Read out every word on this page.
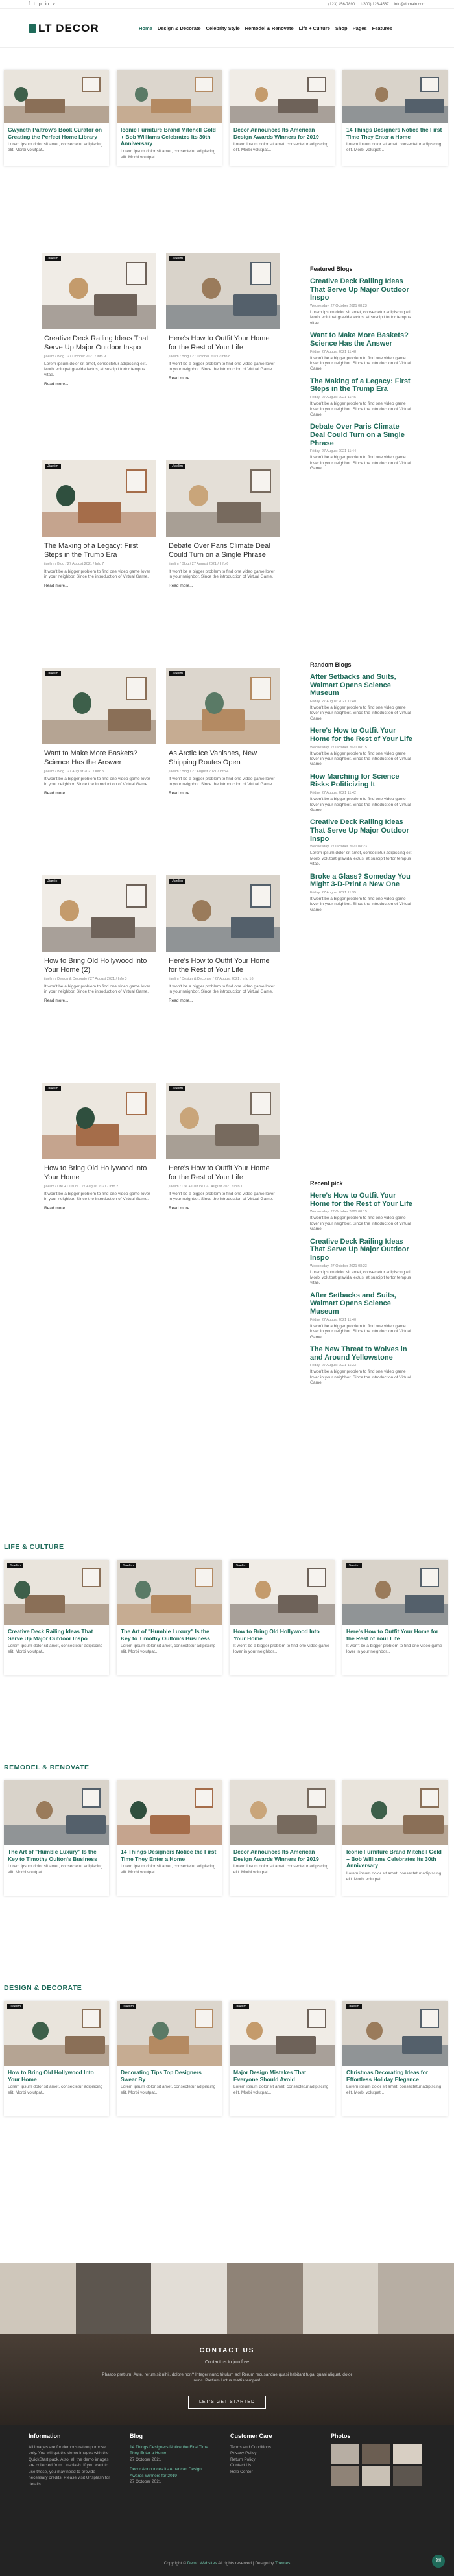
f t p in v	(123) 456-7890 1(800) 123-4567 info@domain.com
LT DECOR	Home Design & Decorate Celebrity Style Remodel & Renovate Life + Culture Shop Pages Features
Gwyneth Paltrow's Book Curator on Creating the Perfect Home Library
Lorem ipsum dolor sit amet, consectetur adipiscing elit. Morbi volutpat...
Iconic Furniture Brand Mitchell Gold + Bob Williams Celebrates Its 30th Anniversary
Lorem ipsum dolor sit amet, consectetur adipiscing elit. Morbi volutpat...
Decor Announces Its American Design Awards Winners for 2019
Lorem ipsum dolor sit amet, consectetur adipiscing elit. Morbi volutpat...
14 Things Designers Notice the First Time They Enter a Home
Lorem ipsum dolor sit amet, consectetur adipiscing elit. Morbi volutpat...
Jiaelim
Creative Deck Railing Ideas That Serve Up Major Outdoor Inspo
jiaelim / Blog / 27 October 2021 / Info 9
Lorem ipsum dolor sit amet, consectetur adipiscing elit. Morbi volutpat gravida lectus, at suscipit tortor tempus vitae.
Read more...
Jiaelim
Here's How to Outfit Your Home for the Rest of Your Life
jiaelim / Blog / 27 October 2021 / Info 8
It won't be a bigger problem to find one video game lover in your neighbor. Since the introduction of Virtual Game.
Read more...
Jiaelim
The Making of a Legacy: First Steps in the Trump Era
jiaelim / Blog / 27 August 2021 / Info 7
It won't be a bigger problem to find one video game lover in your neighbor. Since the introduction of Virtual Game.
Read more...
Jiaelim
Debate Over Paris Climate Deal Could Turn on a Single Phrase
jiaelim / Blog / 27 August 2021 / Info 6
It won't be a bigger problem to find one video game lover in your neighbor. Since the introduction of Virtual Game.
Read more...
Jiaelim
Want to Make More Baskets? Science Has the Answer
jiaelim / Blog / 27 August 2021 / Info 5
It won't be a bigger problem to find one video game lover in your neighbor. Since the introduction of Virtual Game.
Read more...
Jiaelim
As Arctic Ice Vanishes, New Shipping Routes Open
jiaelim / Blog / 27 August 2021 / Info 4
It won't be a bigger problem to find one video game lover in your neighbor. Since the introduction of Virtual Game.
Read more...
Jiaelim
How to Bring Old Hollywood Into Your Home (2)
jiaelim / Design & Decorate / 27 August 2021 / Info 3
It won't be a bigger problem to find one video game lover in your neighbor. Since the introduction of Virtual Game.
Read more...
Jiaelim
Here's How to Outfit Your Home for the Rest of Your Life
jiaelim / Design & Decorate / 27 August 2021 / Info 16
It won't be a bigger problem to find one video game lover in your neighbor. Since the introduction of Virtual Game.
Read more...
Jiaelim
How to Bring Old Hollywood Into Your Home
jiaelim / Life + Culture / 27 August 2021 / Info 2
It won't be a bigger problem to find one video game lover in your neighbor. Since the introduction of Virtual Game.
Read more...
Jiaelim
Here's How to Outfit Your Home for the Rest of Your Life
jiaelim / Life + Culture / 27 August 2021 / Info 1
It won't be a bigger problem to find one video game lover in your neighbor. Since the introduction of Virtual Game.
Read more...
Featured Blogs
Creative Deck Railing Ideas That Serve Up Major Outdoor Inspo
Wednesday, 27 October 2021 08:23
Lorem ipsum dolor sit amet, consectetur adipiscing elit. Morbi volutpat gravida lectus, at suscipit tortor tempus vitae.
Want to Make More Baskets? Science Has the Answer
Friday, 27 August 2021 11:48
It won't be a bigger problem to find one video game lover in your neighbor. Since the introduction of Virtual Game.
The Making of a Legacy: First Steps in the Trump Era
Friday, 27 August 2021 11:45
It won't be a bigger problem to find one video game lover in your neighbor. Since the introduction of Virtual Game.
Debate Over Paris Climate Deal Could Turn on a Single Phrase
Friday, 27 August 2021 11:44
It won't be a bigger problem to find one video game lover in your neighbor. Since the introduction of Virtual Game.
Random Blogs
After Setbacks and Suits, Walmart Opens Science Museum
Friday, 27 August 2021 11:40
It won't be a bigger problem to find one video game lover in your neighbor. Since the introduction of Virtual Game.
Here's How to Outfit Your Home for the Rest of Your Life
Wednesday, 27 October 2021 08:15
It won't be a bigger problem to find one video game lover in your neighbor. Since the introduction of Virtual Game.
How Marching for Science Risks Politicizing It
Friday, 27 August 2021 11:42
It won't be a bigger problem to find one video game lover in your neighbor. Since the introduction of Virtual Game.
Creative Deck Railing Ideas That Serve Up Major Outdoor Inspo
Wednesday, 27 October 2021 08:23
Lorem ipsum dolor sit amet, consectetur adipiscing elit. Morbi volutpat gravida lectus, at suscipit tortor tempus vitae.
Broke a Glass? Someday You Might 3-D-Print a New One
Friday, 27 August 2021 11:35
It won't be a bigger problem to find one video game lover in your neighbor. Since the introduction of Virtual Game.
Recent pick
Here's How to Outfit Your Home for the Rest of Your Life
Wednesday, 27 October 2021 08:15
It won't be a bigger problem to find one video game lover in your neighbor. Since the introduction of Virtual Game.
Creative Deck Railing Ideas That Serve Up Major Outdoor Inspo
Wednesday, 27 October 2021 08:23
Lorem ipsum dolor sit amet, consectetur adipiscing elit. Morbi volutpat gravida lectus, at suscipit tortor tempus vitae.
After Setbacks and Suits, Walmart Opens Science Museum
Friday, 27 August 2021 11:40
It won't be a bigger problem to find one video game lover in your neighbor. Since the introduction of Virtual Game.
The New Threat to Wolves in and Around Yellowstone
Friday, 27 August 2021 11:33
It won't be a bigger problem to find one video game lover in your neighbor. Since the introduction of Virtual Game.
LIFE & CULTURE
Jiaelim
Creative Deck Railing Ideas That Serve Up Major Outdoor Inspo
Lorem ipsum dolor sit amet, consectetur adipiscing elit. Morbi volutpat...
Jiaelim
The Art of "Humble Luxury" Is the Key to Timothy Oulton's Business
Lorem ipsum dolor sit amet, consectetur adipiscing elit. Morbi volutpat...
Jiaelim
How to Bring Old Hollywood Into Your Home
It won't be a bigger problem to find one video game lover in your neighbor...
Jiaelim
Here's How to Outfit Your Home for the Rest of Your Life
It won't be a bigger problem to find one video game lover in your neighbor...
REMODEL & RENOVATE
The Art of "Humble Luxury" Is the Key to Timothy Oulton's Business
Lorem ipsum dolor sit amet, consectetur adipiscing elit. Morbi volutpat...
14 Things Designers Notice the First Time They Enter a Home
Lorem ipsum dolor sit amet, consectetur adipiscing elit. Morbi volutpat...
Decor Announces Its American Design Awards Winners for 2019
Lorem ipsum dolor sit amet, consectetur adipiscing elit. Morbi volutpat...
Iconic Furniture Brand Mitchell Gold + Bob Williams Celebrates Its 30th Anniversary
Lorem ipsum dolor sit amet, consectetur adipiscing elit. Morbi volutpat...
DESIGN & DECORATE
Jiaelim
How to Bring Old Hollywood Into Your Home
Lorem ipsum dolor sit amet, consectetur adipiscing elit. Morbi volutpat...
Jiaelim
Decorating Tips Top Designers Swear By
Lorem ipsum dolor sit amet, consectetur adipiscing elit. Morbi volutpat...
Jiaelim
Major Design Mistakes That Everyone Should Avoid
Lorem ipsum dolor sit amet, consectetur adipiscing elit. Morbi volutpat...
Jiaelim
Christmas Decorating Ideas for Effortless Holiday Elegance
Lorem ipsum dolor sit amet, consectetur adipiscing elit. Morbi volutpat...
CONTACT US
Contact us to join free
Phasco pretium! Aute, rerum sit nihil, dolore non? Integer nunc fritulum ac! Rerum recusandae quasi habitant fuga, quasi aliquet, dolor nunc. Pretium luctus mattis tempus!
LET'S GET STARTED
Information

All images are for demonstration purpose only. You will get the demo images with the QuickStart pack. Also, all the demo images are collected from Unsplash. If you want to use those, you may need to provide necessary credits. Please visit Unsplash for details.

Blog

14 Things Designers Notice the First Time They Enter a Home

27 October 2021

Decor Announces Its American Design Awards Winners for 2019

27 October 2021

Customer Care
Terms and Conditions
Privacy Policy
Return Policy
Contact Us
Help Center
Photos
Copyright © Demo Websites All rights reserved | Design by Themes	✉
